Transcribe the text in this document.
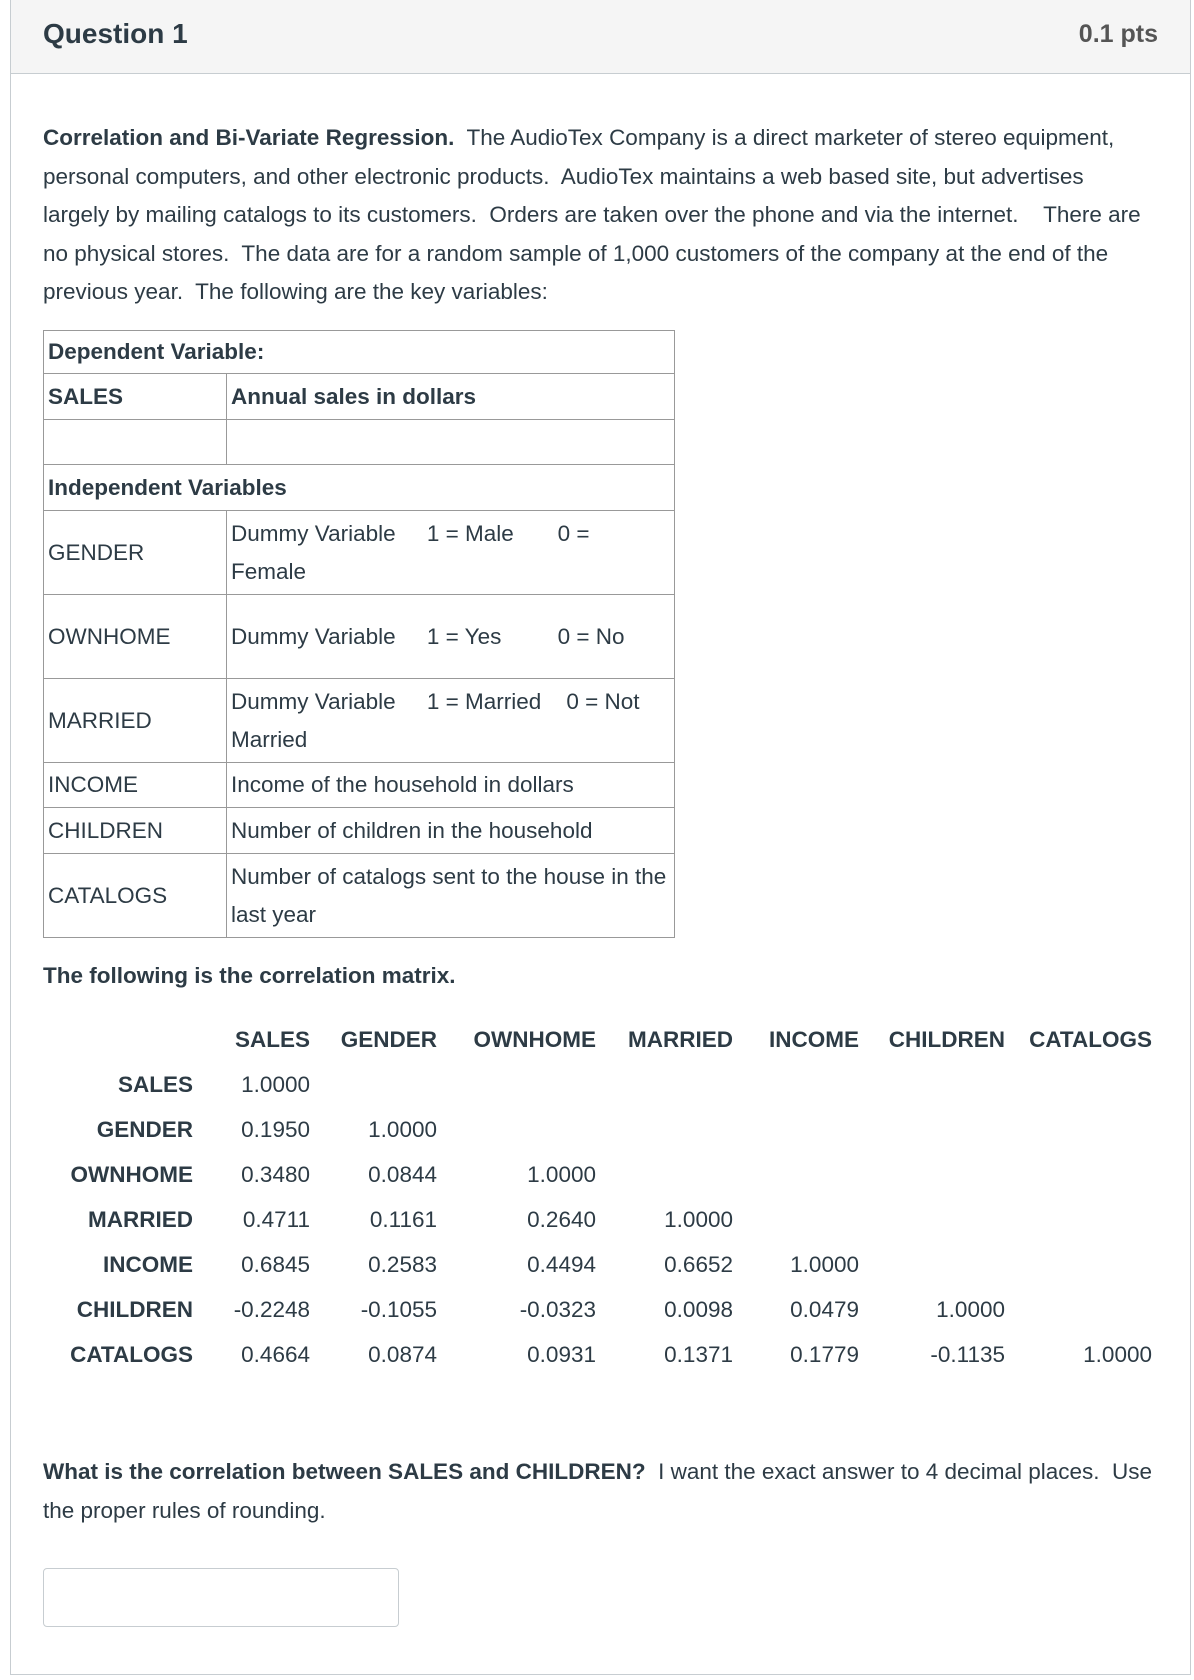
Question 1	0.1 pts
Correlation and Bi-Variate Regression.  The AudioTex Company is a direct marketer of stereo equipment, personal computers, and other electronic products.  AudioTex maintains a web based site, but advertises largely by mailing catalogs to its customers.  Orders are taken over the phone and via the internet.    There are no physical stores.  The data are for a random sample of 1,000 customers of the company at the end of the previous year.  The following are the key variables:
Dependent Variable:	
SALES	Annual sales in dollars

Independent Variables	
GENDER	Dummy Variable     1 = Male       0 = Female
OWNHOME	Dummy Variable     1 = Yes         0 = No
MARRIED	Dummy Variable     1 = Married    0 = Not Married
INCOME	Income of the household in dollars
CHILDREN	Number of children in the household
CATALOGS	Number of catalogs sent to the house in the last year
The following is the correlation matrix.
SALES GENDER OWNHOME MARRIED INCOME CHILDREN CATALOGS
SALES 1.0000
GENDER 0.1950	1.0000
OWNHOME 0.3480	0.0844	1.0000
MARRIED 0.4711	0.1161	0.2640	1.0000
INCOME 0.6845	0.2583	0.4494	0.6652	1.0000
CHILDREN -0.2248 -0.1055	-0.0323	0.0098	0.0479	1.0000
CATALOGS 0.4664	0.0874	0.0931	0.1371	0.1779	-0.1135	1.0000
What is the correlation between SALES and CHILDREN?  I want the exact answer to 4 decimal places.  Use the proper rules of rounding.
